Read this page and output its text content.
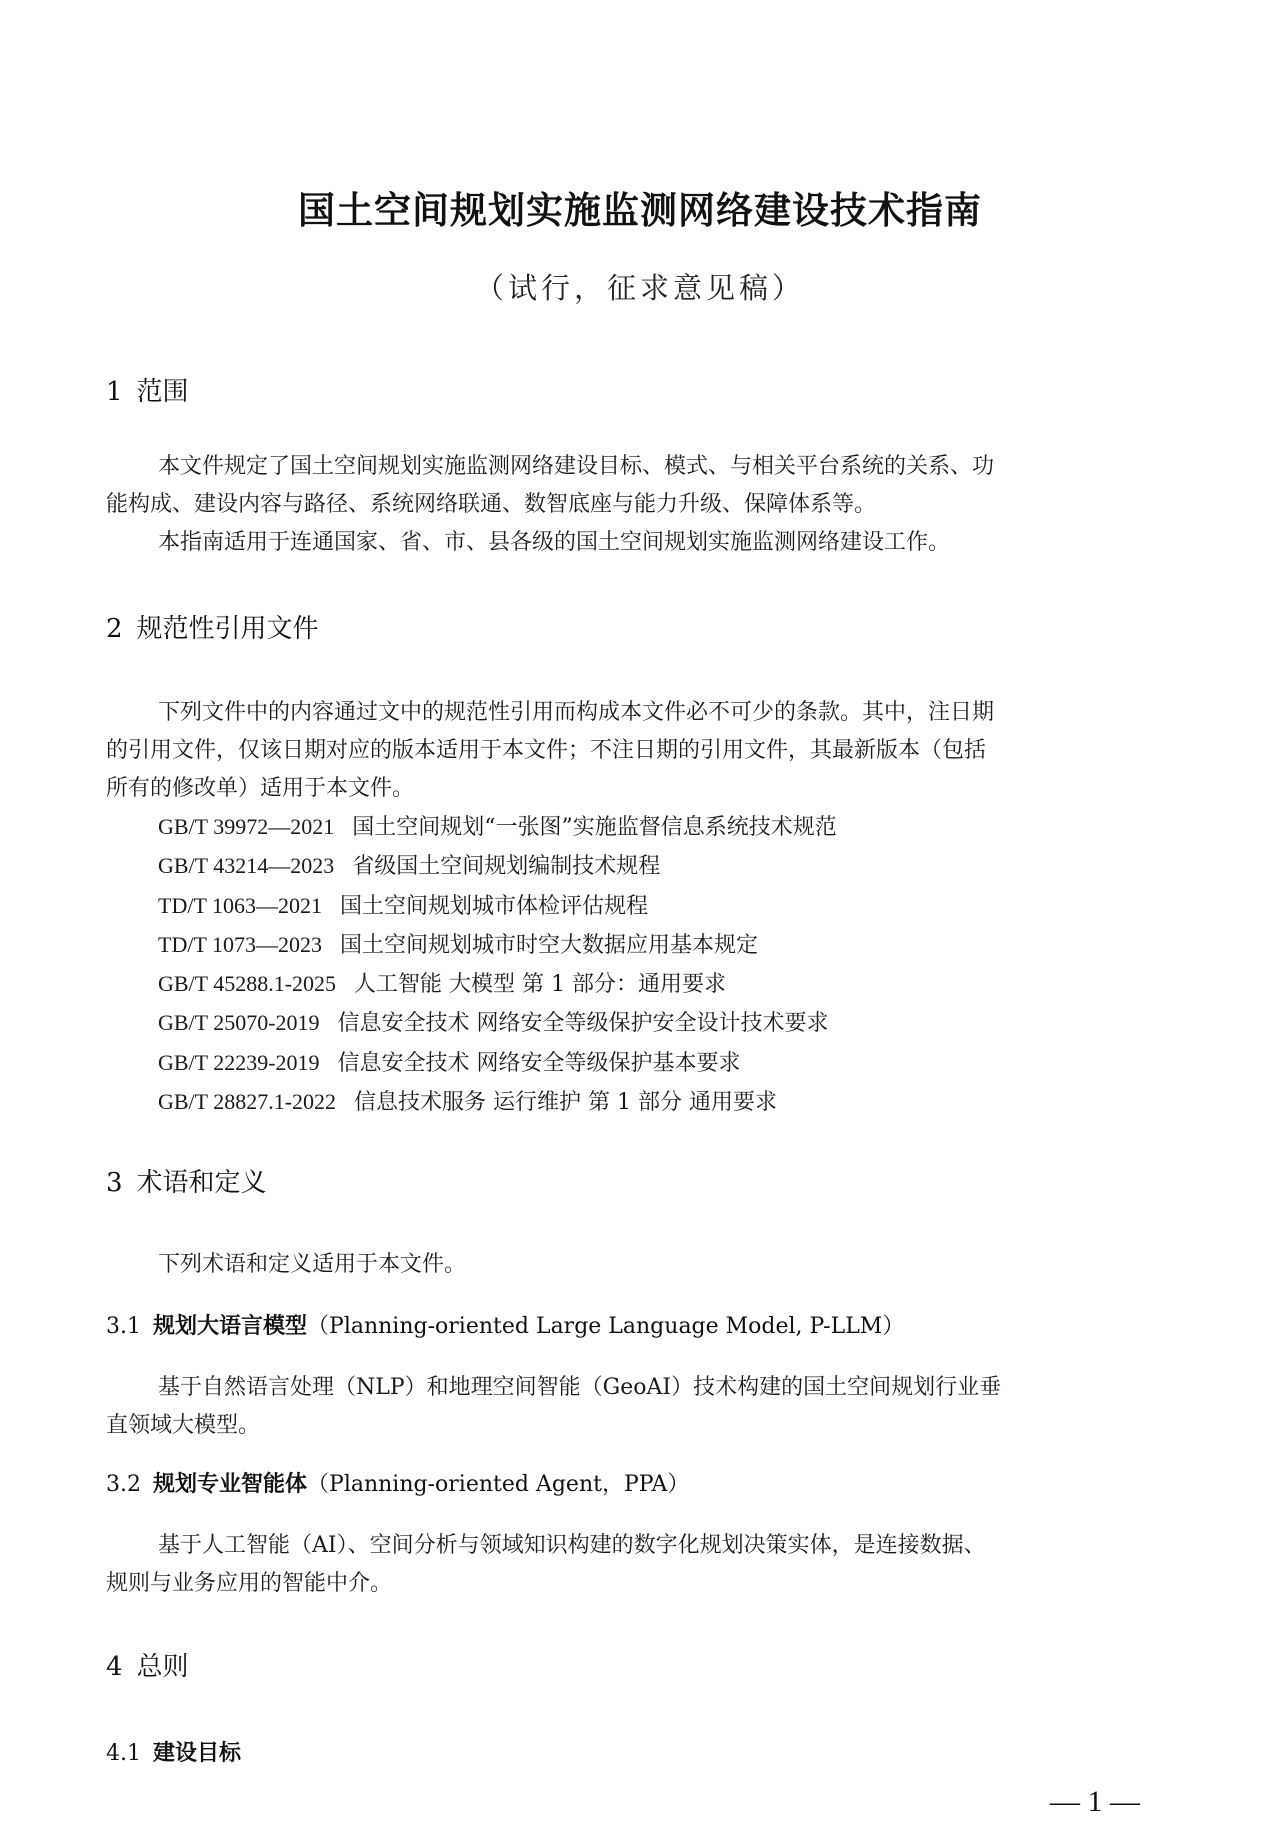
国土空间规划实施监测网络建设技术指南
（试行，征求意见稿）
1 范围
本文件规定了国土空间规划实施监测网络建设目标、模式、与相关平台系统的关系、功
能构成、建设内容与路径、系统网络联通、数智底座与能力升级、保障体系等。
本指南适用于连通国家、省、市、县各级的国土空间规划实施监测网络建设工作。
2 规范性引用文件
下列文件中的内容通过文中的规范性引用而构成本文件必不可少的条款。其中，注日期
的引用文件，仅该日期对应的版本适用于本文件；不注日期的引用文件，其最新版本（包括
所有的修改单）适用于本文件。
GB/T 39972—2021 国土空间规划“一张图”实施监督信息系统技术规范
GB/T 43214—2023 省级国土空间规划编制技术规程
TD/T 1063—2021 国土空间规划城市体检评估规程
TD/T 1073—2023 国土空间规划城市时空大数据应用基本规定
GB/T 45288.1-2025 人工智能 大模型 第 1 部分：通用要求
GB/T 25070-2019 信息安全技术 网络安全等级保护安全设计技术要求
GB/T 22239-2019 信息安全技术 网络安全等级保护基本要求
GB/T 28827.1-2022 信息技术服务 运行维护 第 1 部分 通用要求
3 术语和定义
下列术语和定义适用于本文件。
3.1 规划大语言模型（Planning-oriented Large Language Model, P-LLM）
基于自然语言处理（NLP）和地理空间智能（GeoAI）技术构建的国土空间规划行业垂
直领域大模型。
3.2 规划专业智能体（Planning-oriented Agent，PPA）
基于人工智能（AI）、空间分析与领域知识构建的数字化规划决策实体，是连接数据、
规则与业务应用的智能中介。
4 总则
4.1 建设目标
— 1 —
